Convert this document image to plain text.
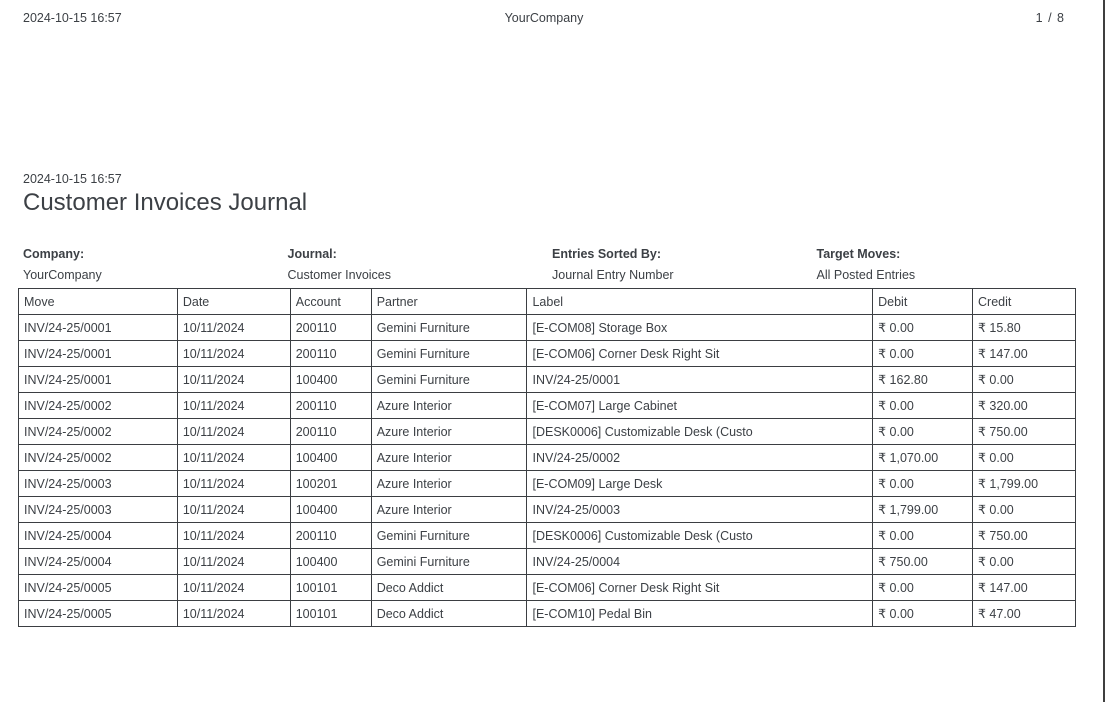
2024-10-15 16:57	YourCompany	1 / 8
2024-10-15 16:57
Customer Invoices Journal
Company:
YourCompany
Journal:
Customer Invoices
Entries Sorted By:
Journal Entry Number
Target Moves:
All Posted Entries
Move	Date	Account	Partner	Label	Debit	Credit
INV/24-25/0001	10/11/2024	200110	Gemini Furniture	[E-COM08] Storage Box	₹ 0.00	₹ 15.80
INV/24-25/0001	10/11/2024	200110	Gemini Furniture	[E-COM06] Corner Desk Right Sit	₹ 0.00	₹ 147.00
INV/24-25/0001	10/11/2024	100400	Gemini Furniture	INV/24-25/0001	₹ 162.80	₹ 0.00
INV/24-25/0002	10/11/2024	200110	Azure Interior	[E-COM07] Large Cabinet	₹ 0.00	₹ 320.00
INV/24-25/0002	10/11/2024	200110	Azure Interior	[DESK0006] Customizable Desk (Custo	₹ 0.00	₹ 750.00
INV/24-25/0002	10/11/2024	100400	Azure Interior	INV/24-25/0002	₹ 1,070.00	₹ 0.00
INV/24-25/0003	10/11/2024	100201	Azure Interior	[E-COM09] Large Desk	₹ 0.00	₹ 1,799.00
INV/24-25/0003	10/11/2024	100400	Azure Interior	INV/24-25/0003	₹ 1,799.00	₹ 0.00
INV/24-25/0004	10/11/2024	200110	Gemini Furniture	[DESK0006] Customizable Desk (Custo	₹ 0.00	₹ 750.00
INV/24-25/0004	10/11/2024	100400	Gemini Furniture	INV/24-25/0004	₹ 750.00	₹ 0.00
INV/24-25/0005	10/11/2024	100101	Deco Addict	[E-COM06] Corner Desk Right Sit	₹ 0.00	₹ 147.00
INV/24-25/0005	10/11/2024	100101	Deco Addict	[E-COM10] Pedal Bin	₹ 0.00	₹ 47.00
